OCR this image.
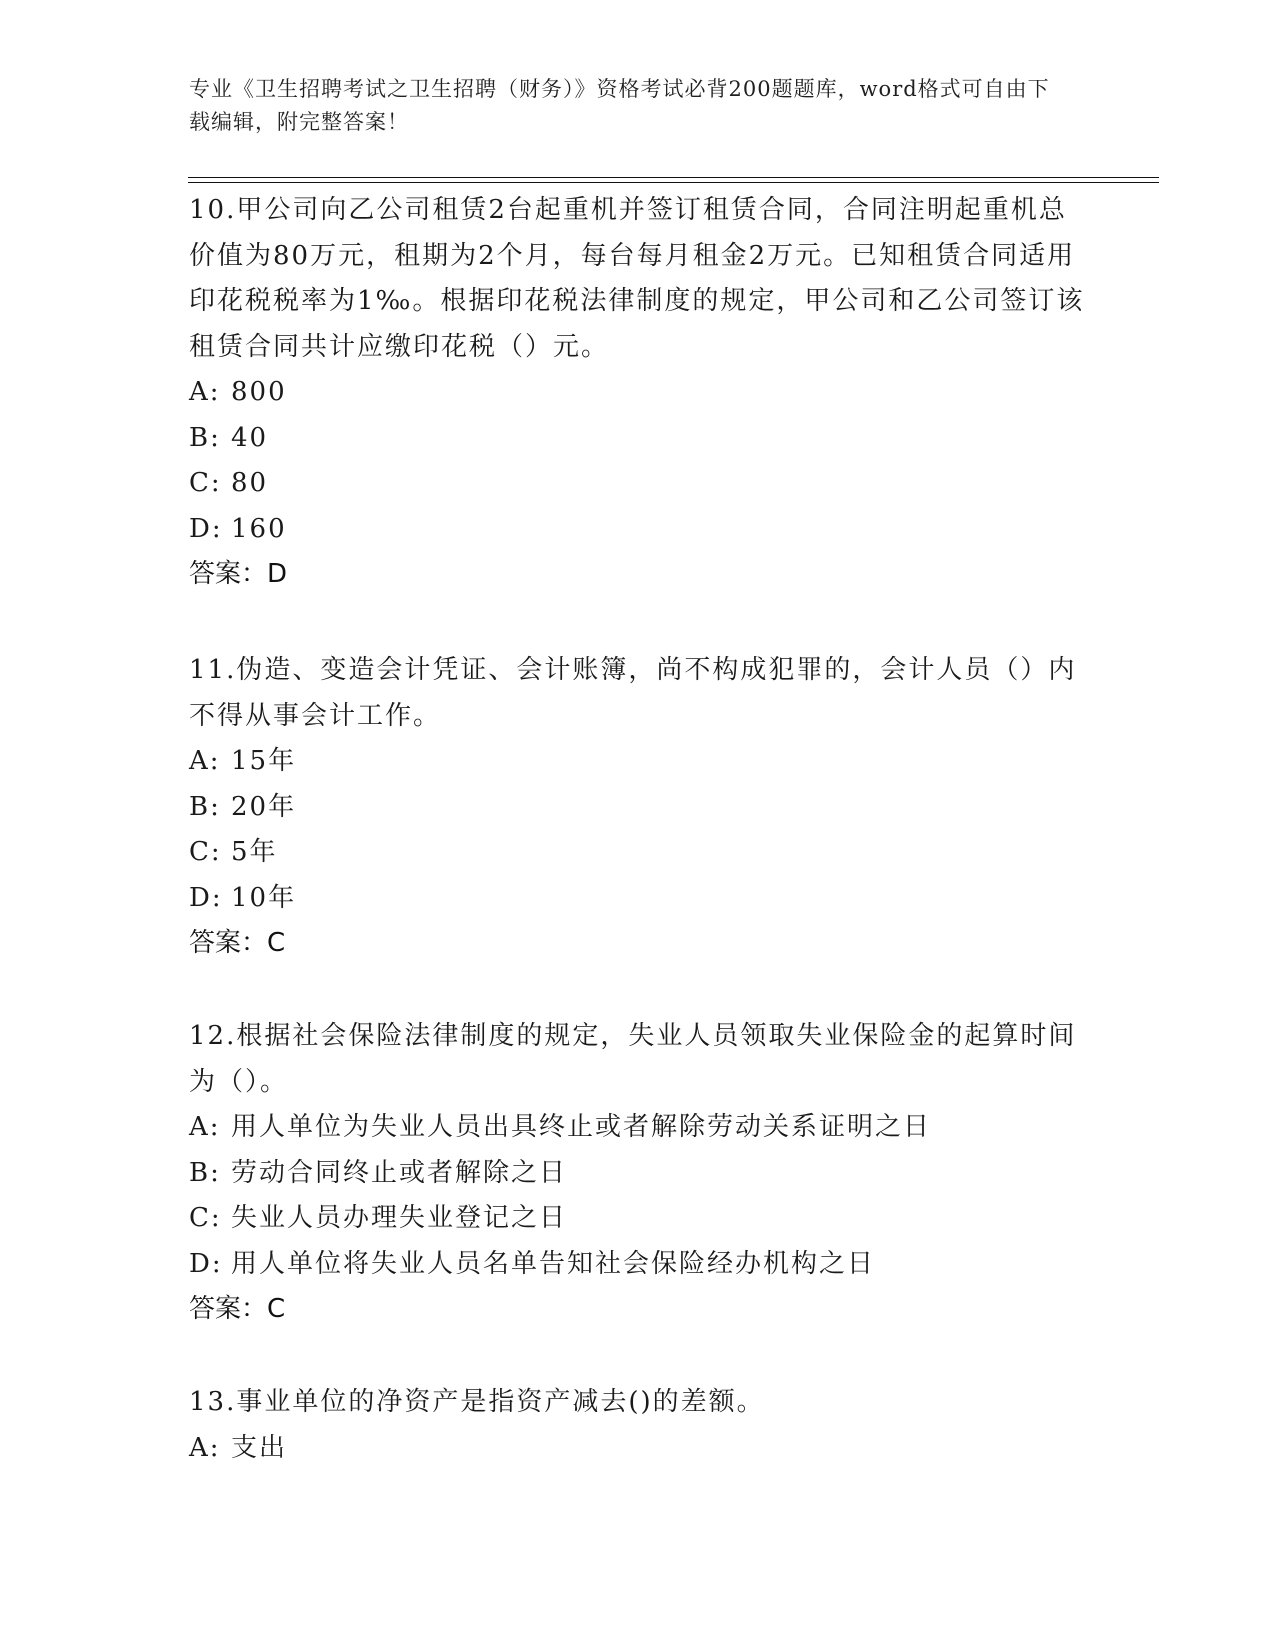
专业《卫生招聘考试之卫生招聘（财务）》资格考试必背200题题库，word格式可自由下载编辑，附完整答案！

10.甲公司向乙公司租赁2台起重机并签订租赁合同，合同注明起重机总价值为80万元，租期为2个月，每台每月租金2万元。已知租赁合同适用印花税税率为1‰。根据印花税法律制度的规定，甲公司和乙公司签订该租赁合同共计应缴印花税（）元。

A: 800

B: 40

C: 80

D: 160

答案：D

11.伪造、变造会计凭证、会计账簿，尚不构成犯罪的，会计人员（）内不得从事会计工作。

A: 15年

B: 20年

C: 5年

D: 10年

答案：C

12.根据社会保险法律制度的规定，失业人员领取失业保险金的起算时间为（）。

A: 用人单位为失业人员出具终止或者解除劳动关系证明之日

B: 劳动合同终止或者解除之日

C: 失业人员办理失业登记之日

D: 用人单位将失业人员名单告知社会保险经办机构之日

答案：C

13.事业单位的净资产是指资产减去()的差额。

A: 支出
